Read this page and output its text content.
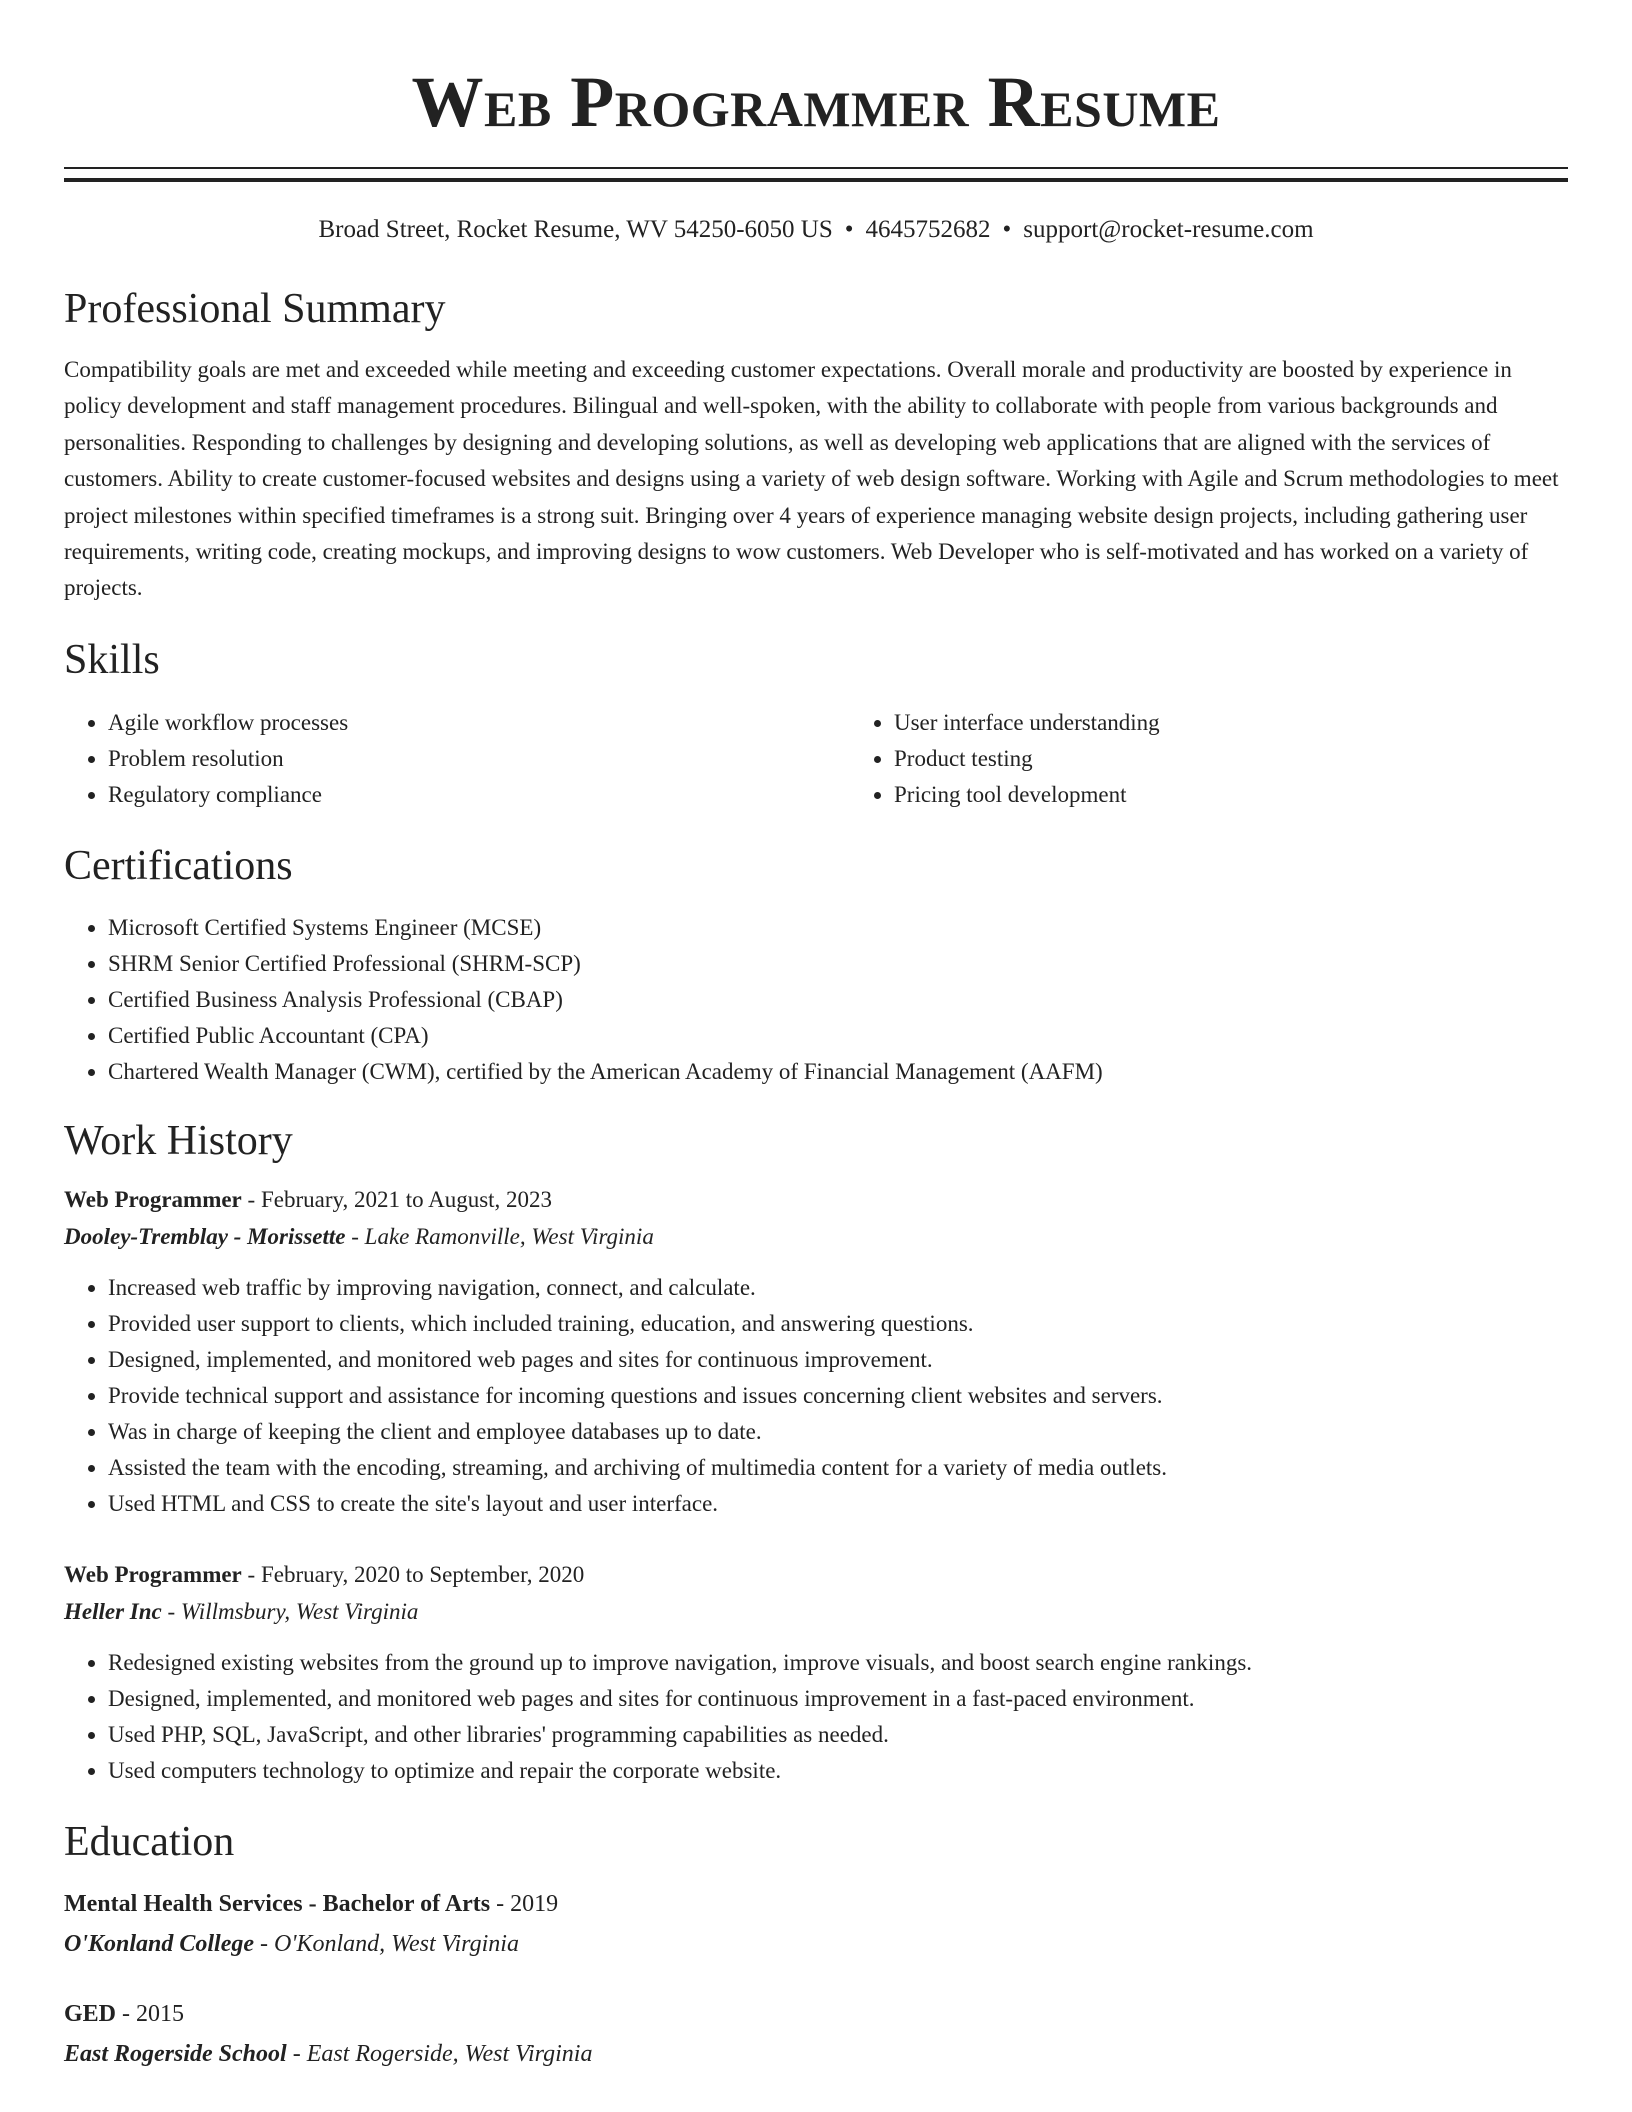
Web Programmer Resume
Broad Street, Rocket Resume, WV 54250-6050 US • 4645752682 • support@rocket-resume.com
Professional Summary

Compatibility goals are met and exceeded while meeting and exceeding customer expectations. Overall morale and productivity are boosted by experience in policy development and staff management procedures. Bilingual and well-spoken, with the ability to collaborate with people from various backgrounds and personalities. Responding to challenges by designing and developing solutions, as well as developing web applications that are aligned with the services of customers. Ability to create customer-focused websites and designs using a variety of web design software. Working with Agile and Scrum methodologies to meet project milestones within specified timeframes is a strong suit. Bringing over 4 years of experience managing website design projects, including gathering user requirements, writing code, creating mockups, and improving designs to wow customers. Web Developer who is self-motivated and has worked on a variety of projects.

Skills
• Agile workflow processes
• Problem resolution
• Regulatory compliance
• User interface understanding
• Product testing
• Pricing tool development
Certifications
• Microsoft Certified Systems Engineer (MCSE)
• SHRM Senior Certified Professional (SHRM-SCP)
• Certified Business Analysis Professional (CBAP)
• Certified Public Accountant (CPA)
• Chartered Wealth Manager (CWM), certified by the American Academy of Financial Management (AAFM)
Work History
Web Programmer - February, 2021 to August, 2023
Dooley-Tremblay - Morissette - Lake Ramonville, West Virginia
• Increased web traffic by improving navigation, connect, and calculate.
• Provided user support to clients, which included training, education, and answering questions.
• Designed, implemented, and monitored web pages and sites for continuous improvement.
• Provide technical support and assistance for incoming questions and issues concerning client websites and servers.
• Was in charge of keeping the client and employee databases up to date.
• Assisted the team with the encoding, streaming, and archiving of multimedia content for a variety of media outlets.
• Used HTML and CSS to create the site's layout and user interface.
Web Programmer - February, 2020 to September, 2020
Heller Inc - Willmsbury, West Virginia
• Redesigned existing websites from the ground up to improve navigation, improve visuals, and boost search engine rankings.
• Designed, implemented, and monitored web pages and sites for continuous improvement in a fast-paced environment.
• Used PHP, SQL, JavaScript, and other libraries' programming capabilities as needed.
• Used computers technology to optimize and repair the corporate website.
Education
Mental Health Services - Bachelor of Arts - 2019
O'Konland College - O'Konland, West Virginia
GED - 2015
East Rogerside School - East Rogerside, West Virginia
